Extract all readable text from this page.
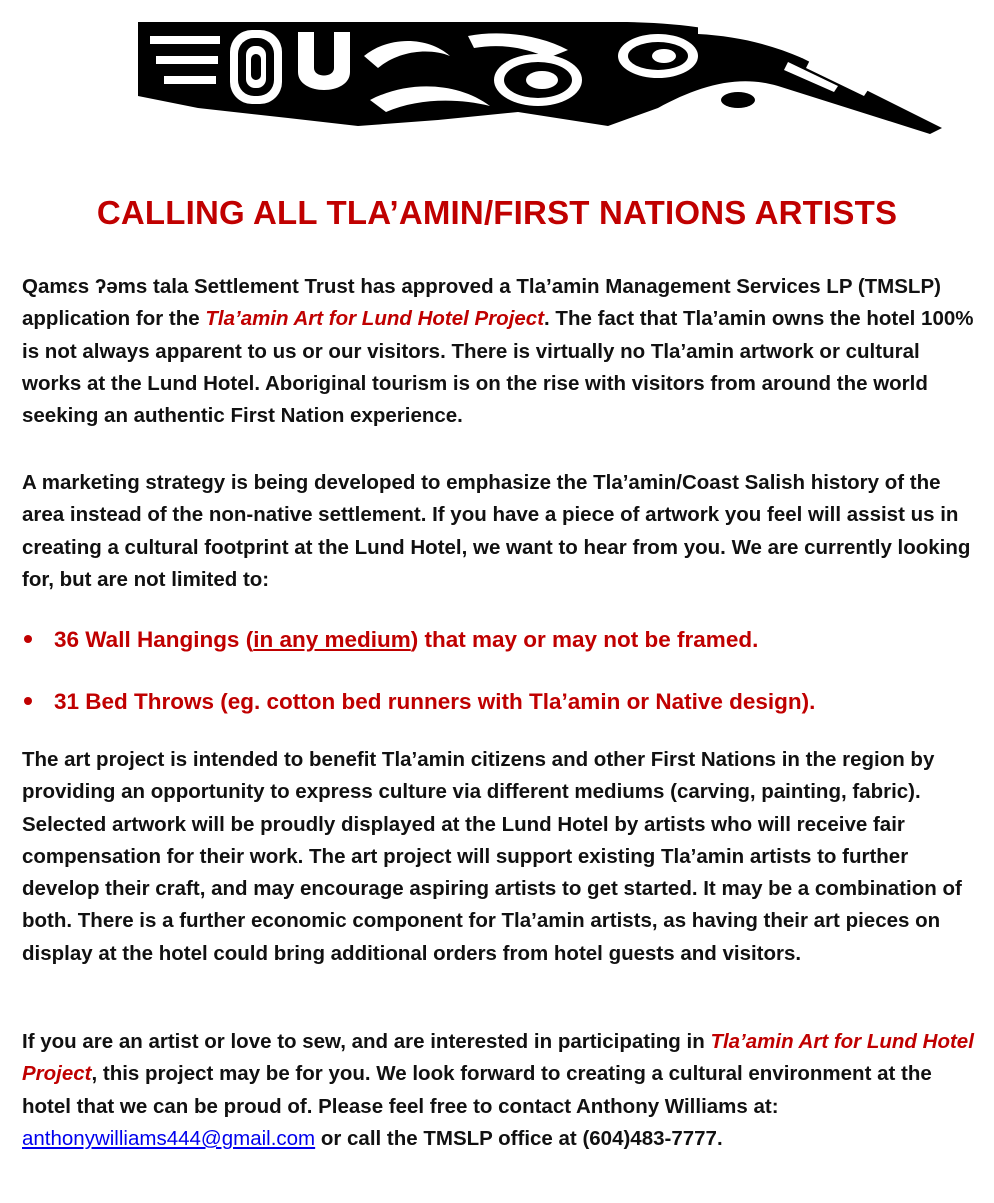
CALLING ALL TLA’AMIN/FIRST NATIONS ARTISTS

Qamɛs ʔəms tala Settlement Trust has approved a Tla’amin Management Services LP (TMSLP) application for the Tla’amin Art for Lund Hotel Project. The fact that Tla’amin owns the hotel 100% is not always apparent to us or our visitors. There is virtually no Tla’amin artwork or cultural works at the Lund Hotel. Aboriginal tourism is on the rise with visitors from around the world seeking an authentic First Nation experience.

A marketing strategy is being developed to emphasize the Tla’amin/Coast Salish history of the area instead of the non-native settlement. If you have a piece of artwork you feel will assist us in creating a cultural footprint at the Lund Hotel, we want to hear from you. We are currently looking for, but are not limited to:

36 Wall Hangings (in any medium) that may or may not be framed.

31 Bed Throws (eg. cotton bed runners with Tla’amin or Native design).

The art project is intended to benefit Tla’amin citizens and other First Nations in the region by providing an opportunity to express culture via different mediums (carving, painting, fabric). Selected artwork will be proudly displayed at the Lund Hotel by artists who will receive fair compensation for their work. The art project will support existing Tla’amin artists to further develop their craft, and may encourage aspiring artists to get started. It may be a combination of both. There is a further economic component for Tla’amin artists, as having their art pieces on display at the hotel could bring additional orders from hotel guests and visitors.

If you are an artist or love to sew, and are interested in participating in Tla’amin Art for Lund Hotel Project, this project may be for you. We look forward to creating a cultural environment at the hotel that we can be proud of. Please feel free to contact Anthony Williams at: anthonywilliams444@gmail.com or call the TMSLP office at (604)483-7777.
